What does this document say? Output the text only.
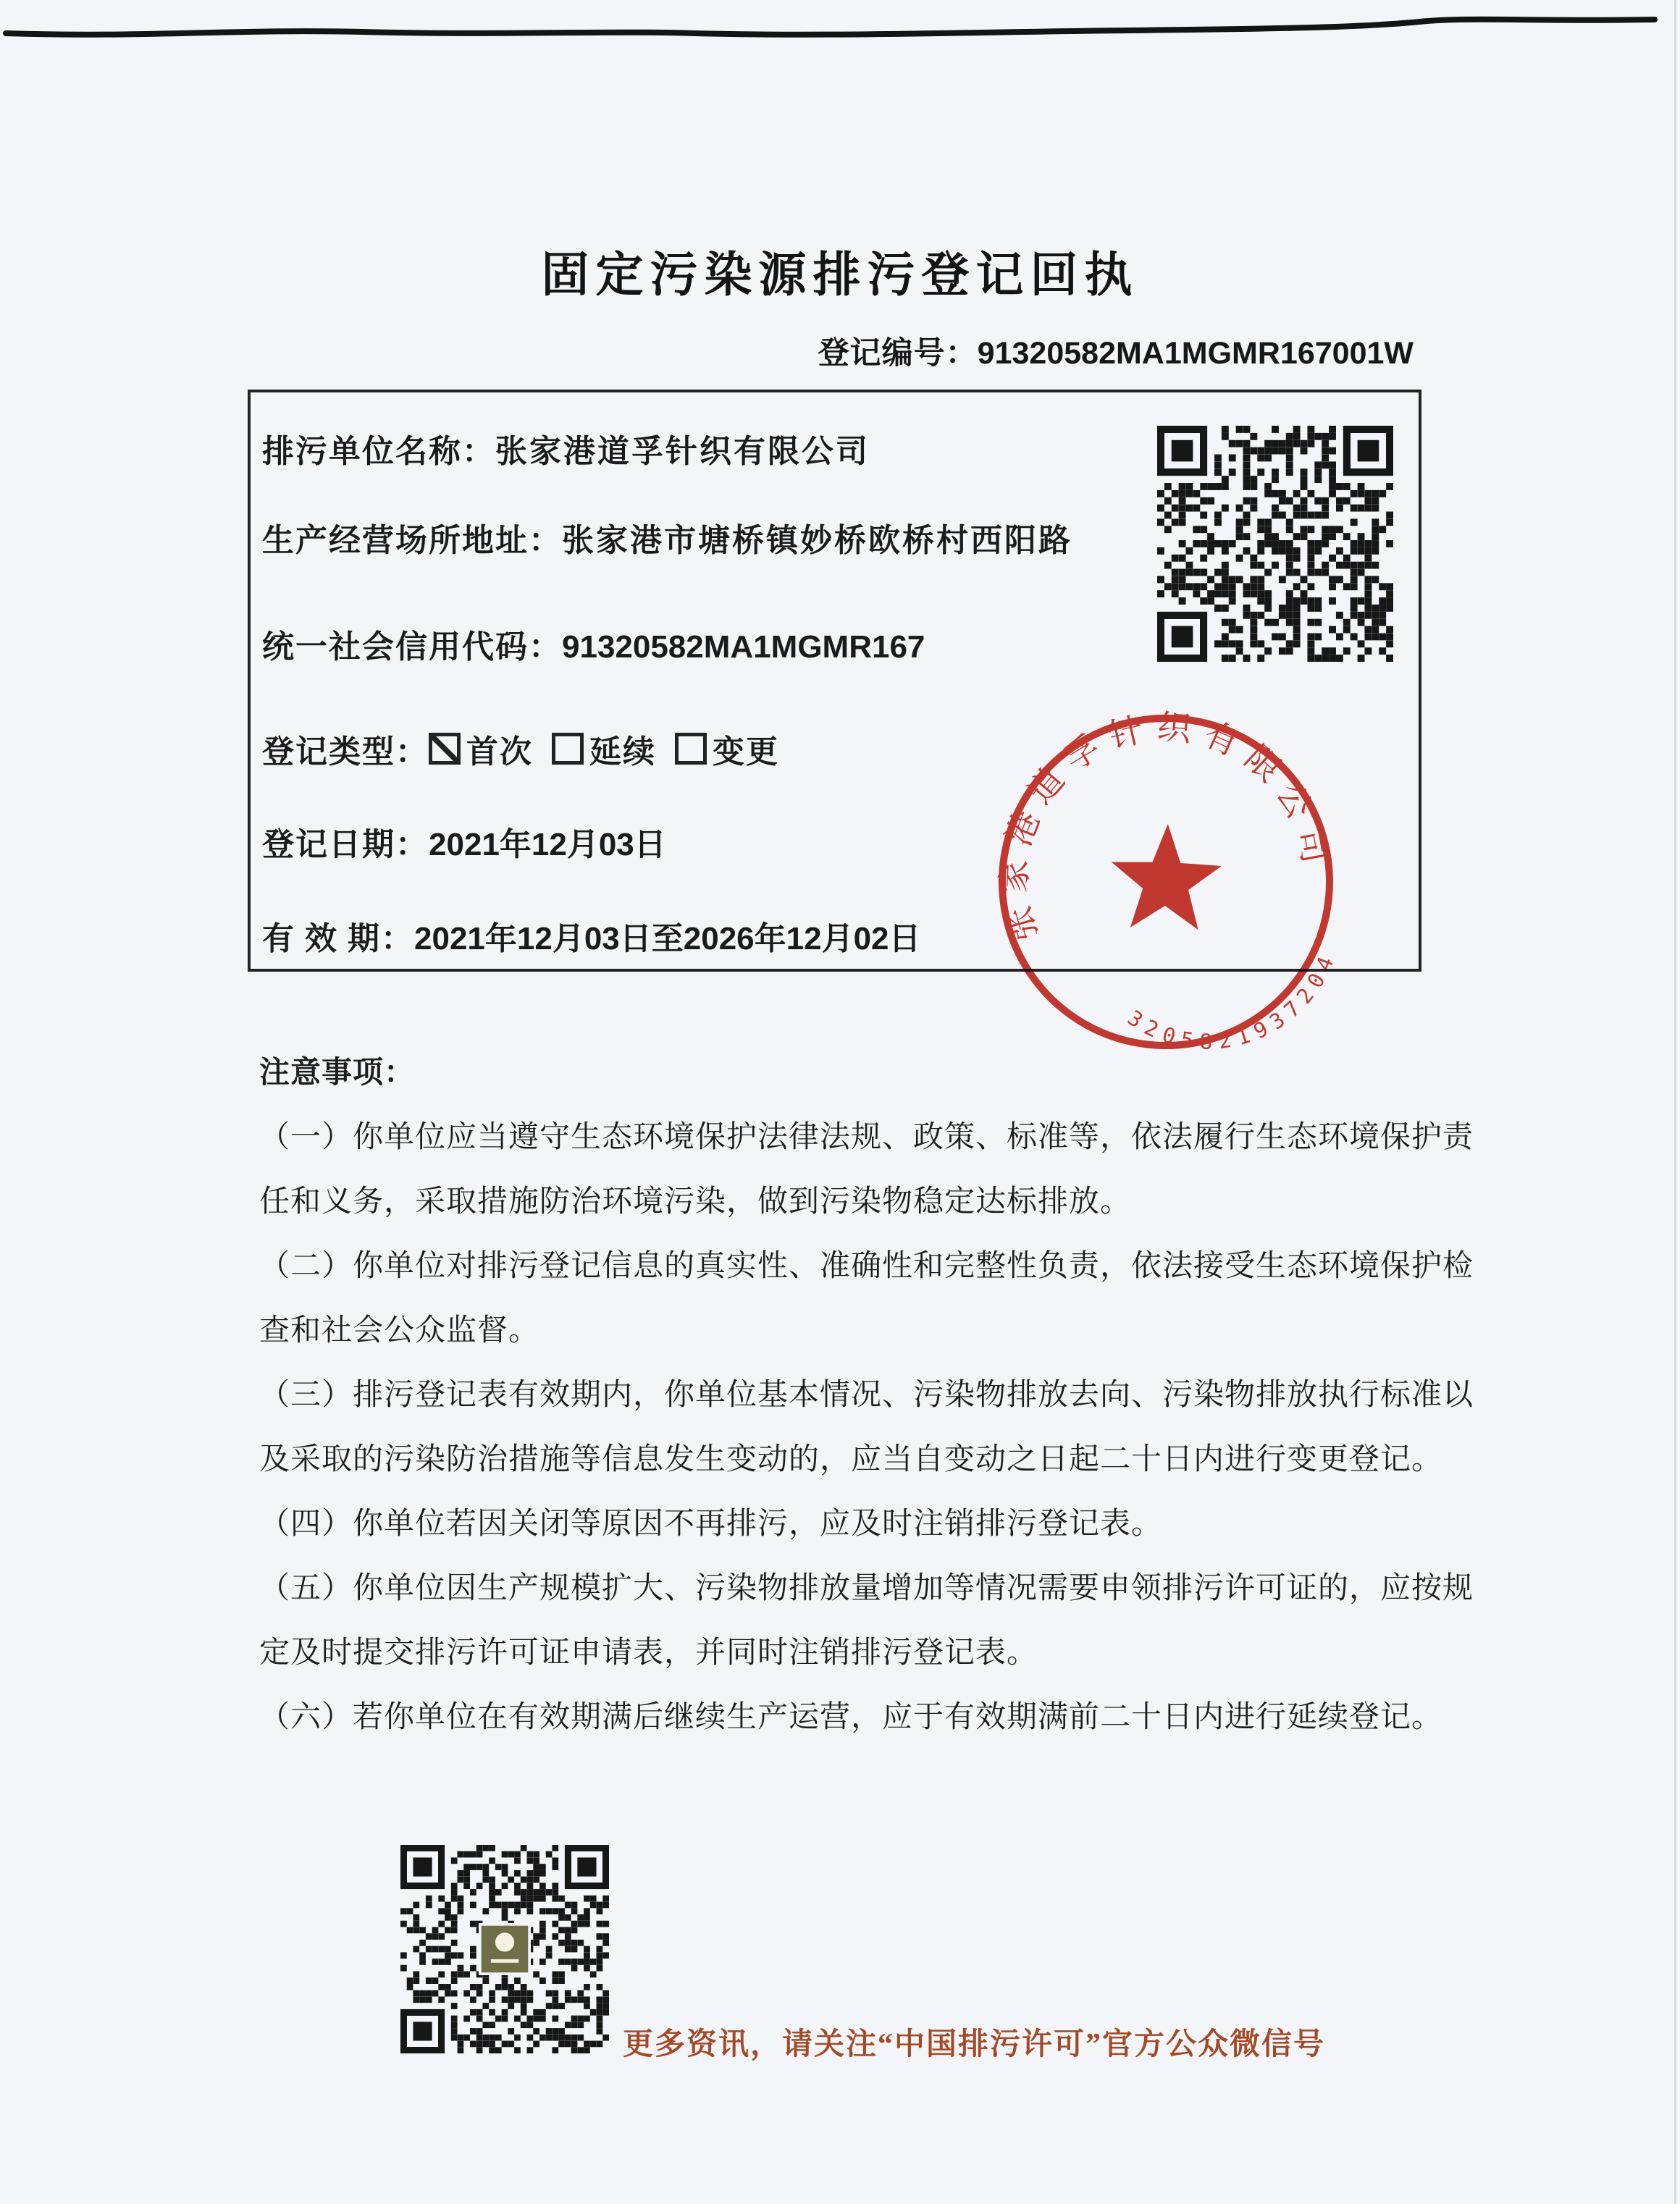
固定污染源排污登记回执
登记编号：91320582MA1MGMR167001W
排污单位名称：张家港道孚针织有限公司
生产经营场所地址：张家港市塘桥镇妙桥欧桥村西阳路
统一社会信用代码：91320582MA1MGMR167
登记类型： 首次 延续 变更
登记日期：2021年12月03日
有 效 期：2021年12月03日至2026年12月02日	张家港道孚针织有限公司
3205821937204
注意事项：
（一）你单位应当遵守生态环境保护法律法规、政策、标准等，依法履行生态环境保护责
任和义务，采取措施防治环境污染，做到污染物稳定达标排放。
（二）你单位对排污登记信息的真实性、准确性和完整性负责，依法接受生态环境保护检
查和社会公众监督。
（三）排污登记表有效期内，你单位基本情况、污染物排放去向、污染物排放执行标准以
及采取的污染防治措施等信息发生变动的，应当自变动之日起二十日内进行变更登记。
（四）你单位若因关闭等原因不再排污，应及时注销排污登记表。
（五）你单位因生产规模扩大、污染物排放量增加等情况需要申领排污许可证的，应按规
定及时提交排污许可证申请表，并同时注销排污登记表。
（六）若你单位在有效期满后继续生产运营，应于有效期满前二十日内进行延续登记。
更多资讯，请关注“中国排污许可”官方公众微信号
